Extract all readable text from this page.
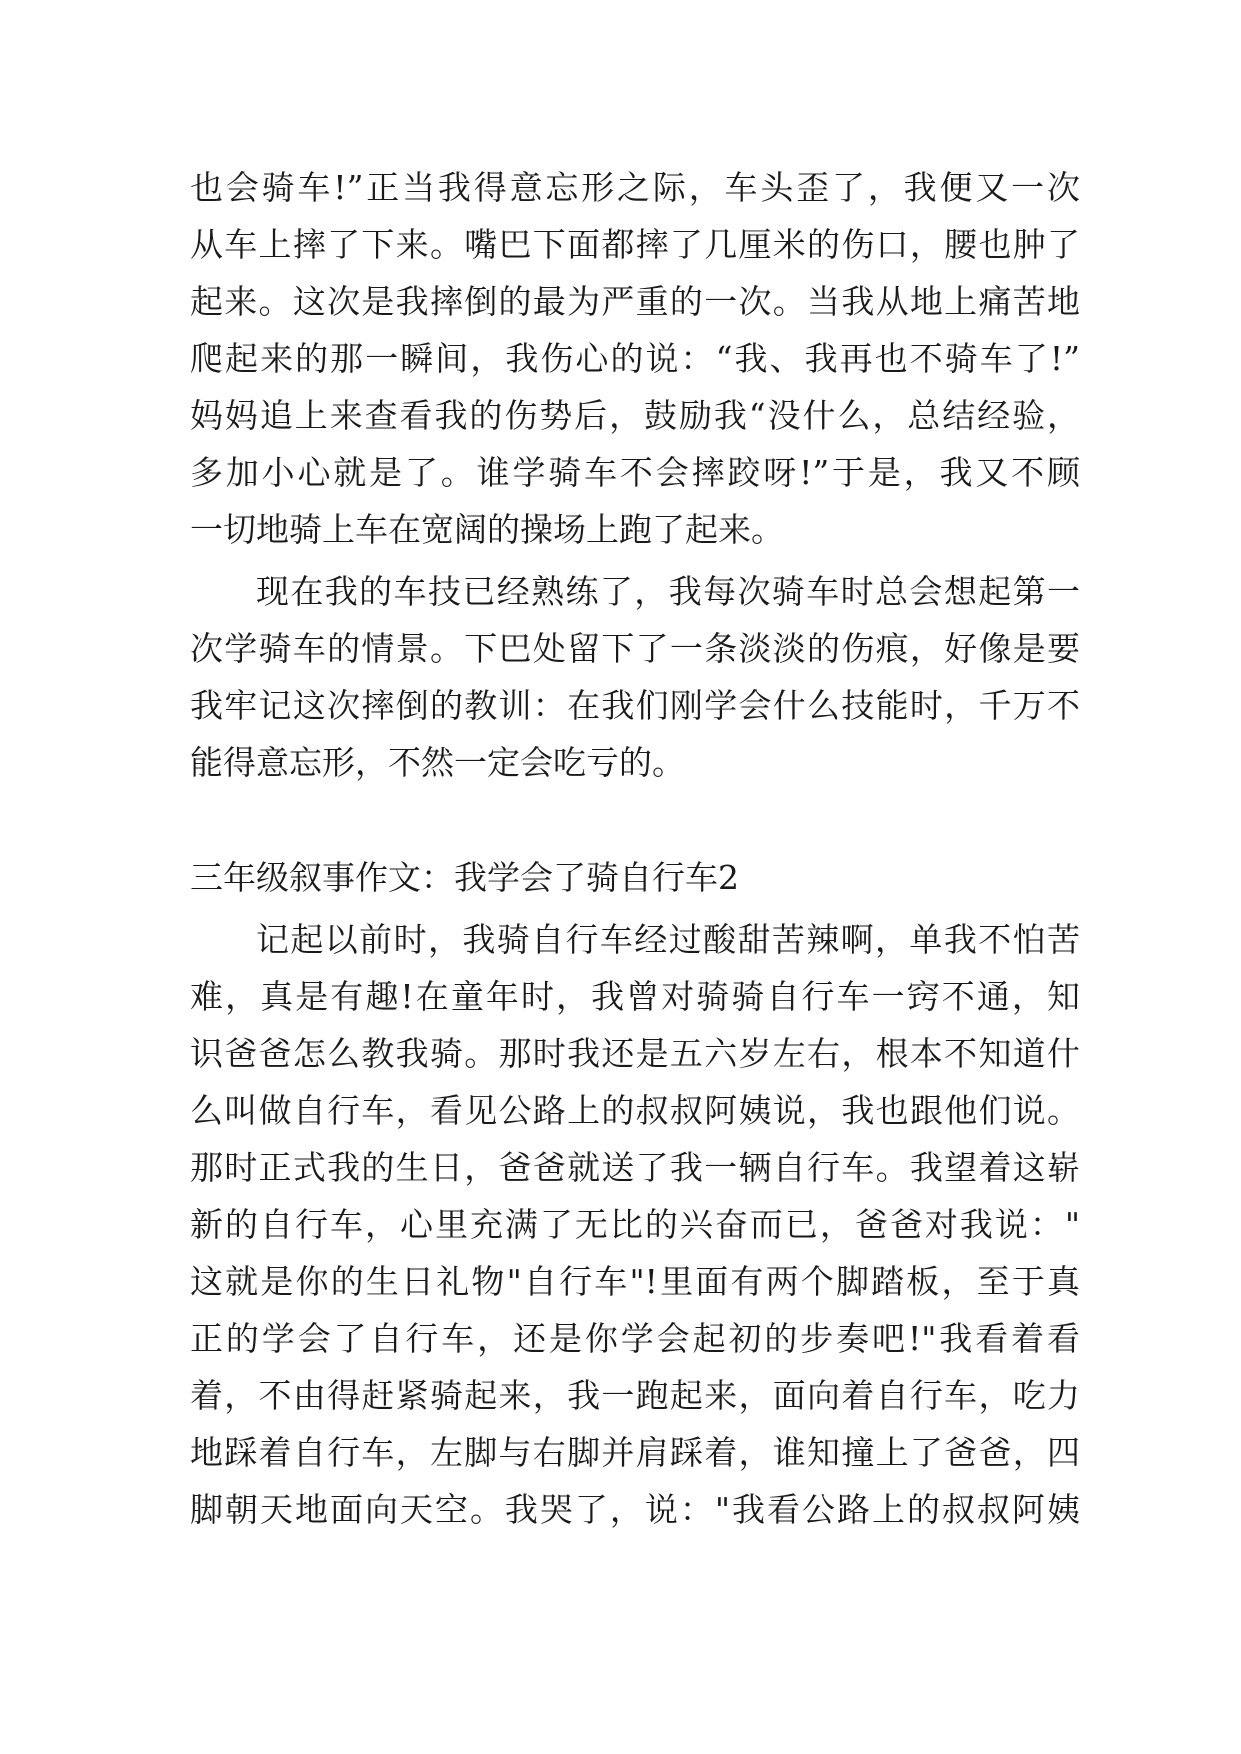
也会骑车!”正当我得意忘形之际，车头歪了，我便又一次
从车上摔了下来。嘴巴下面都摔了几厘米的伤口，腰也肿了
起来。这次是我摔倒的最为严重的一次。当我从地上痛苦地
爬起来的那一瞬间，我伤心的说：“我、我再也不骑车了!”
妈妈追上来查看我的伤势后，鼓励我“没什么，总结经验，
多加小心就是了。谁学骑车不会摔跤呀!”于是，我又不顾
一切地骑上车在宽阔的操场上跑了起来。
现在我的车技已经熟练了，我每次骑车时总会想起第一
次学骑车的情景。下巴处留下了一条淡淡的伤痕，好像是要
我牢记这次摔倒的教训：在我们刚学会什么技能时，千万不
能得意忘形，不然一定会吃亏的。
三年级叙事作文：我学会了骑自行车2
记起以前时，我骑自行车经过酸甜苦辣啊，单我不怕苦
难，真是有趣!在童年时，我曾对骑骑自行车一窍不通，知
识爸爸怎么教我骑。那时我还是五六岁左右，根本不知道什
么叫做自行车，看见公路上的叔叔阿姨说，我也跟他们说。
那时正式我的生日，爸爸就送了我一辆自行车。我望着这崭
新的自行车，心里充满了无比的兴奋而已，爸爸对我说："
这就是你的生日礼物"自行车"!里面有两个脚踏板，至于真
正的学会了自行车，还是你学会起初的步奏吧!"我看着看
着，不由得赶紧骑起来，我一跑起来，面向着自行车，吃力
地踩着自行车，左脚与右脚并肩踩着，谁知撞上了爸爸，四
脚朝天地面向天空。我哭了，说："我看公路上的叔叔阿姨
